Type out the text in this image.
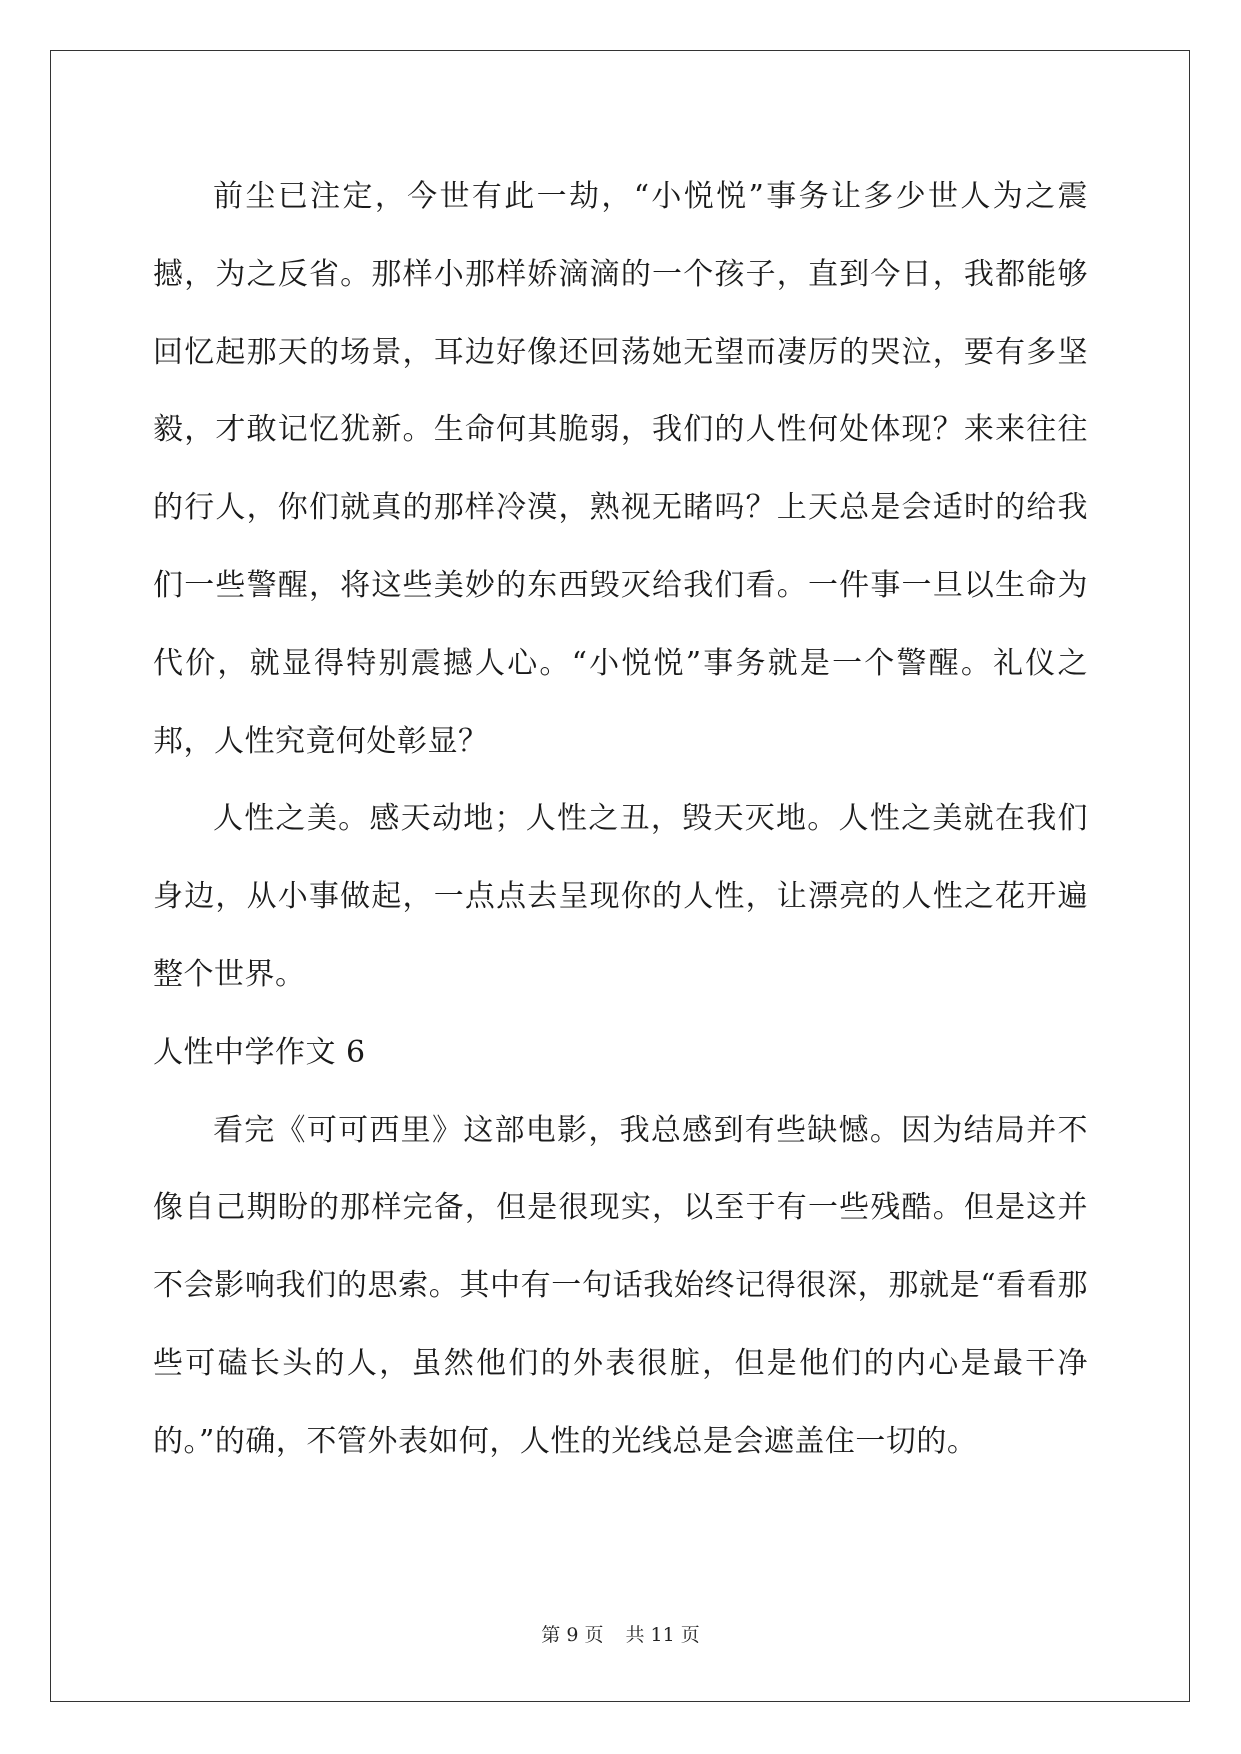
前尘已注定，今世有此一劫，“小悦悦”事务让多少世人为之震撼，为之反省。那样小那样娇滴滴的一个孩子，直到今日，我都能够回忆起那天的场景，耳边好像还回荡她无望而凄厉的哭泣，要有多坚毅，才敢记忆犹新。生命何其脆弱，我们的人性何处体现？来来往往的行人，你们就真的那样冷漠，熟视无睹吗？上天总是会适时的给我们一些警醒，将这些美妙的东西毁灭给我们看。一件事一旦以生命为代价，就显得特别震撼人心。“小悦悦”事务就是一个警醒。礼仪之邦，人性究竟何处彰显？

人性之美。感天动地；人性之丑，毁天灭地。人性之美就在我们身边，从小事做起，一点点去呈现你的人性，让漂亮的人性之花开遍整个世界。

人性中学作文 6

看完《可可西里》这部电影，我总感到有些缺憾。因为结局并不像自己期盼的那样完备，但是很现实，以至于有一些残酷。但是这并不会影响我们的思索。其中有一句话我始终记得很深，那就是“看看那些可磕长头的人，虽然他们的外表很脏，但是他们的内心是最干净的。”的确，不管外表如何，人性的光线总是会遮盖住一切的。

第 9 页 共 11 页
